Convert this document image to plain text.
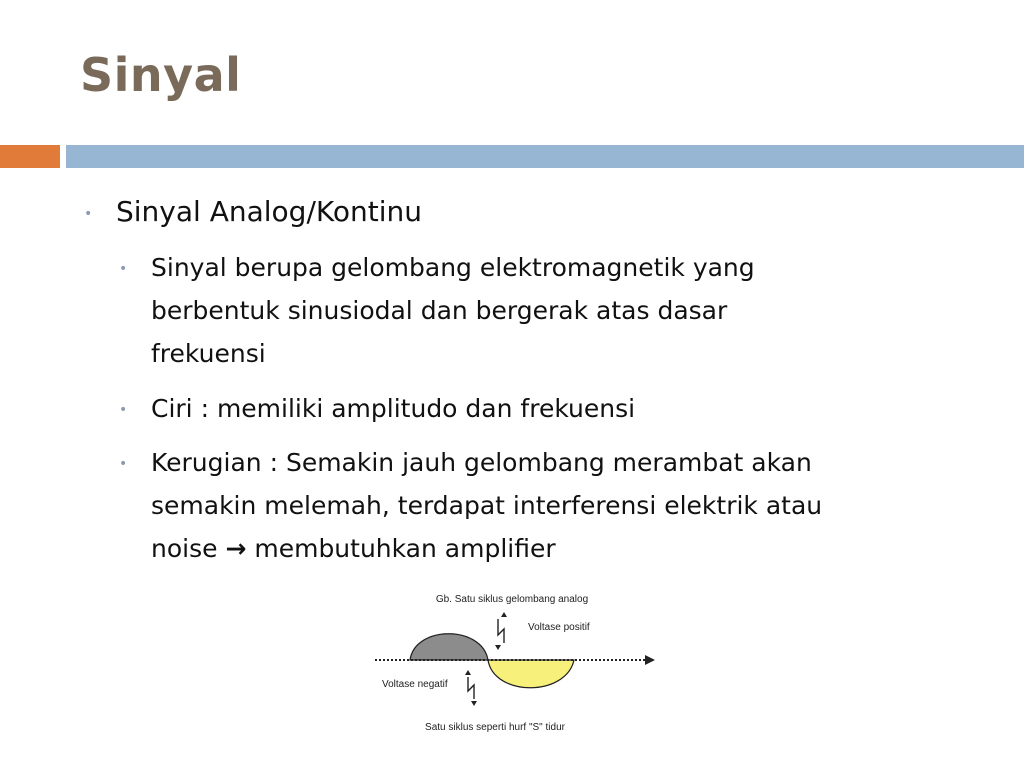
Sinyal
• Sinyal Analog/Kontinu
• Sinyal berupa gelombang elektromagnetik yang
berbentuk sinusiodal dan bergerak atas dasar
frekuensi
• Ciri : memiliki amplitudo dan frekuensi
• Kerugian : Semakin jauh gelombang merambat akan
semakin melemah, terdapat interferensi elektrik atau
noise → membutuhkan amplifier
Gb. Satu siklus gelombang analog
Voltase positif
Voltase negatif
Satu siklus seperti hurf "S" tidur
